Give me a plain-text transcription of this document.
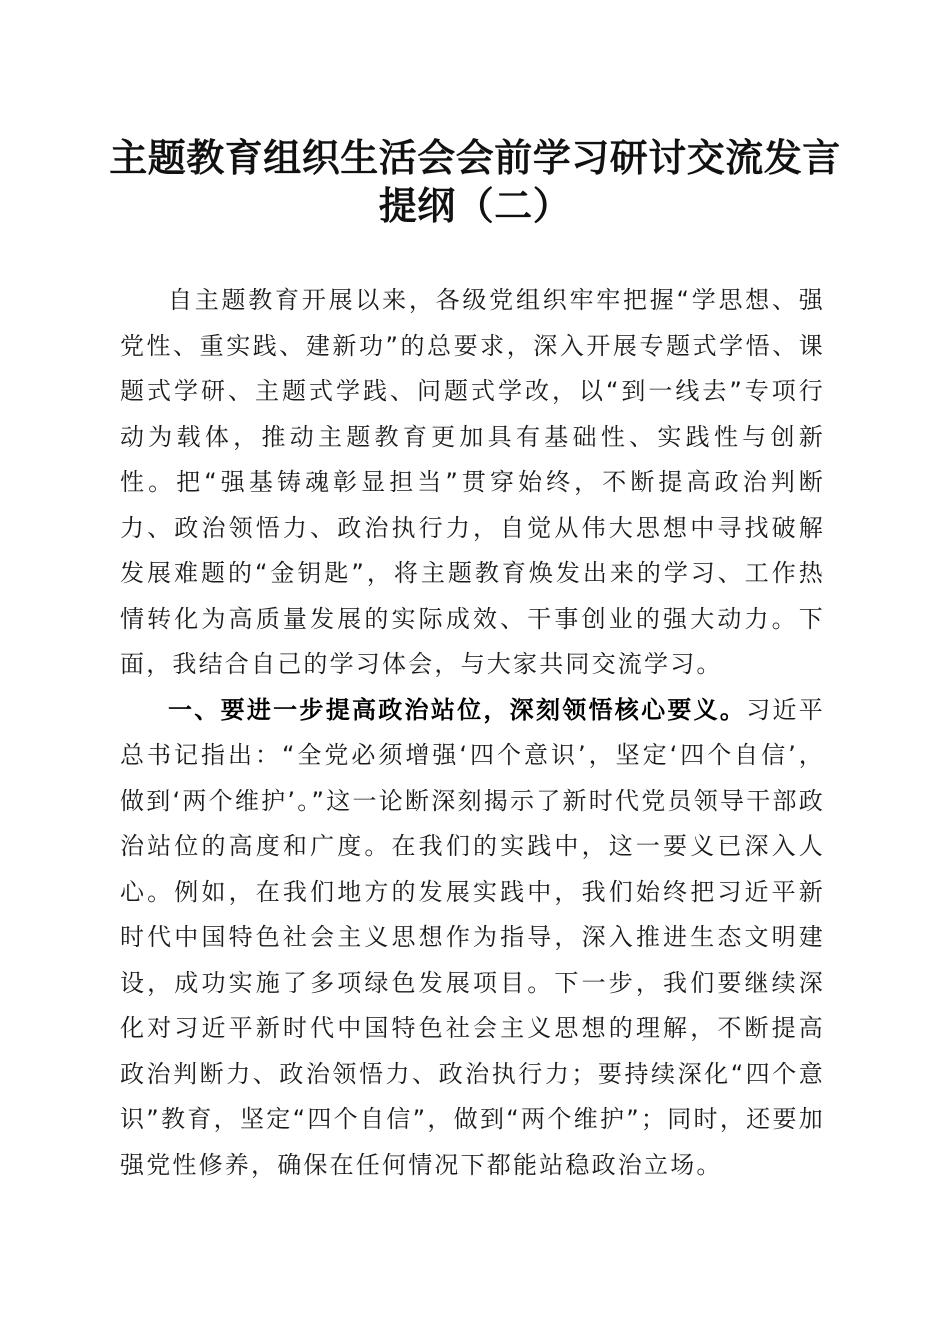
主题教育组织生活会会前学习研讨交流发言提纲（二）

自主题教育开展以来，各级党组织牢牢把握“学思想、强党性、重实践、建新功”的总要求，深入开展专题式学悟、课题式学研、主题式学践、问题式学改，以“到一线去”专项行动为载体，推动主题教育更加具有基础性、实践性与创新性。把“强基铸魂彰显担当”贯穿始终，不断提高政治判断力、政治领悟力、政治执行力，自觉从伟大思想中寻找破解发展难题的“金钥匙”，将主题教育焕发出来的学习、工作热情转化为高质量发展的实际成效、干事创业的强大动力。下面，我结合自己的学习体会，与大家共同交流学习。

一、要进一步提高政治站位，深刻领悟核心要义。习近平总书记指出：“全党必须增强‘四个意识’，坚定‘四个自信’，做到‘两个维护’。”这一论断深刻揭示了新时代党员领导干部政治站位的高度和广度。在我们的实践中，这一要义已深入人心。例如，在我们地方的发展实践中，我们始终把习近平新时代中国特色社会主义思想作为指导，深入推进生态文明建设，成功实施了多项绿色发展项目。下一步，我们要继续深化对习近平新时代中国特色社会主义思想的理解，不断提高政治判断力、政治领悟力、政治执行力；要持续深化“四个意识”教育，坚定“四个自信”，做到“两个维护”；同时，还要加强党性修养，确保在任何情况下都能站稳政治立场。
